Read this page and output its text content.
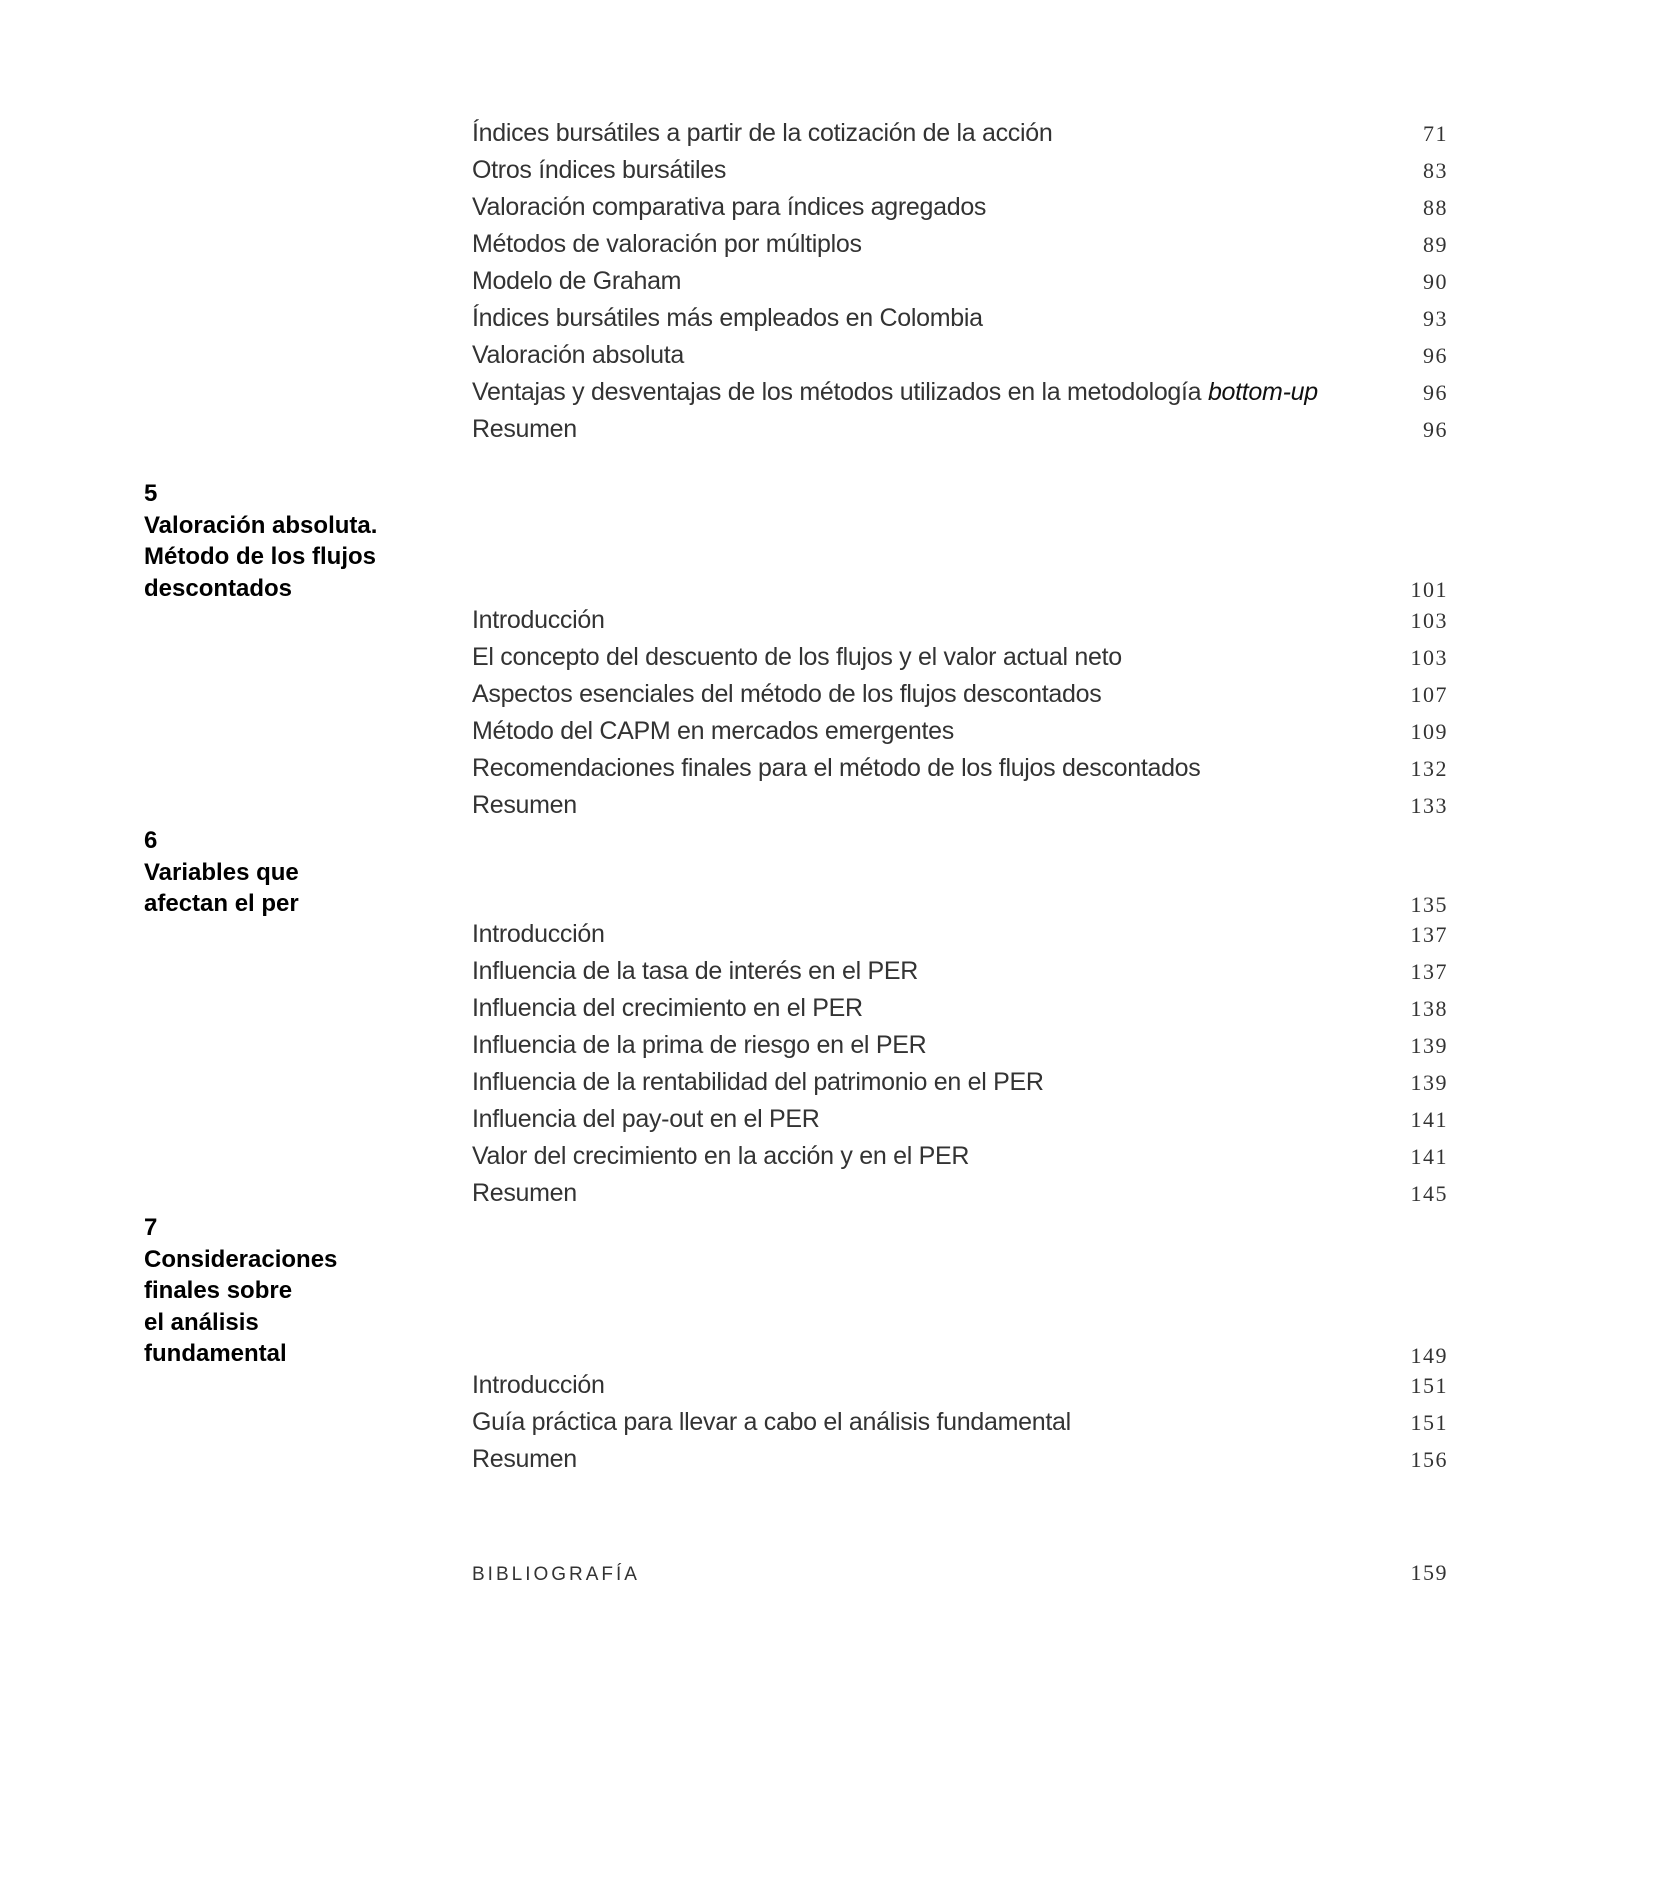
Índices bursátiles a partir de la cotización de la acción	71
Otros índices bursátiles	83
Valoración comparativa para índices agregados	88
Métodos de valoración por múltiplos	89
Modelo de Graham	90
Índices bursátiles más empleados en Colombia	93
Valoración absoluta	96
Ventajas y desventajas de los métodos utilizados en la metodología bottom-up	96
Resumen	96
5
Valoración absoluta.
Método de los flujos
descontados	101
Introducción	103
El concepto del descuento de los flujos y el valor actual neto	103
Aspectos esenciales del método de los flujos descontados	107
Método del CAPM en mercados emergentes	109
Recomendaciones finales para el método de los flujos descontados	132
Resumen	133
6
Variables que
afectan el per	135
Introducción	137
Influencia de la tasa de interés en el PER	137
Influencia del crecimiento en el PER	138
Influencia de la prima de riesgo en el PER	139
Influencia de la rentabilidad del patrimonio en el PER	139
Influencia del pay-out en el PER	141
Valor del crecimiento en la acción y en el PER	141
Resumen	145
7
Consideraciones
finales sobre
el análisis
fundamental	149
Introducción	151
Guía práctica para llevar a cabo el análisis fundamental	151
Resumen	156
BIBLIOGRAFÍA	159
